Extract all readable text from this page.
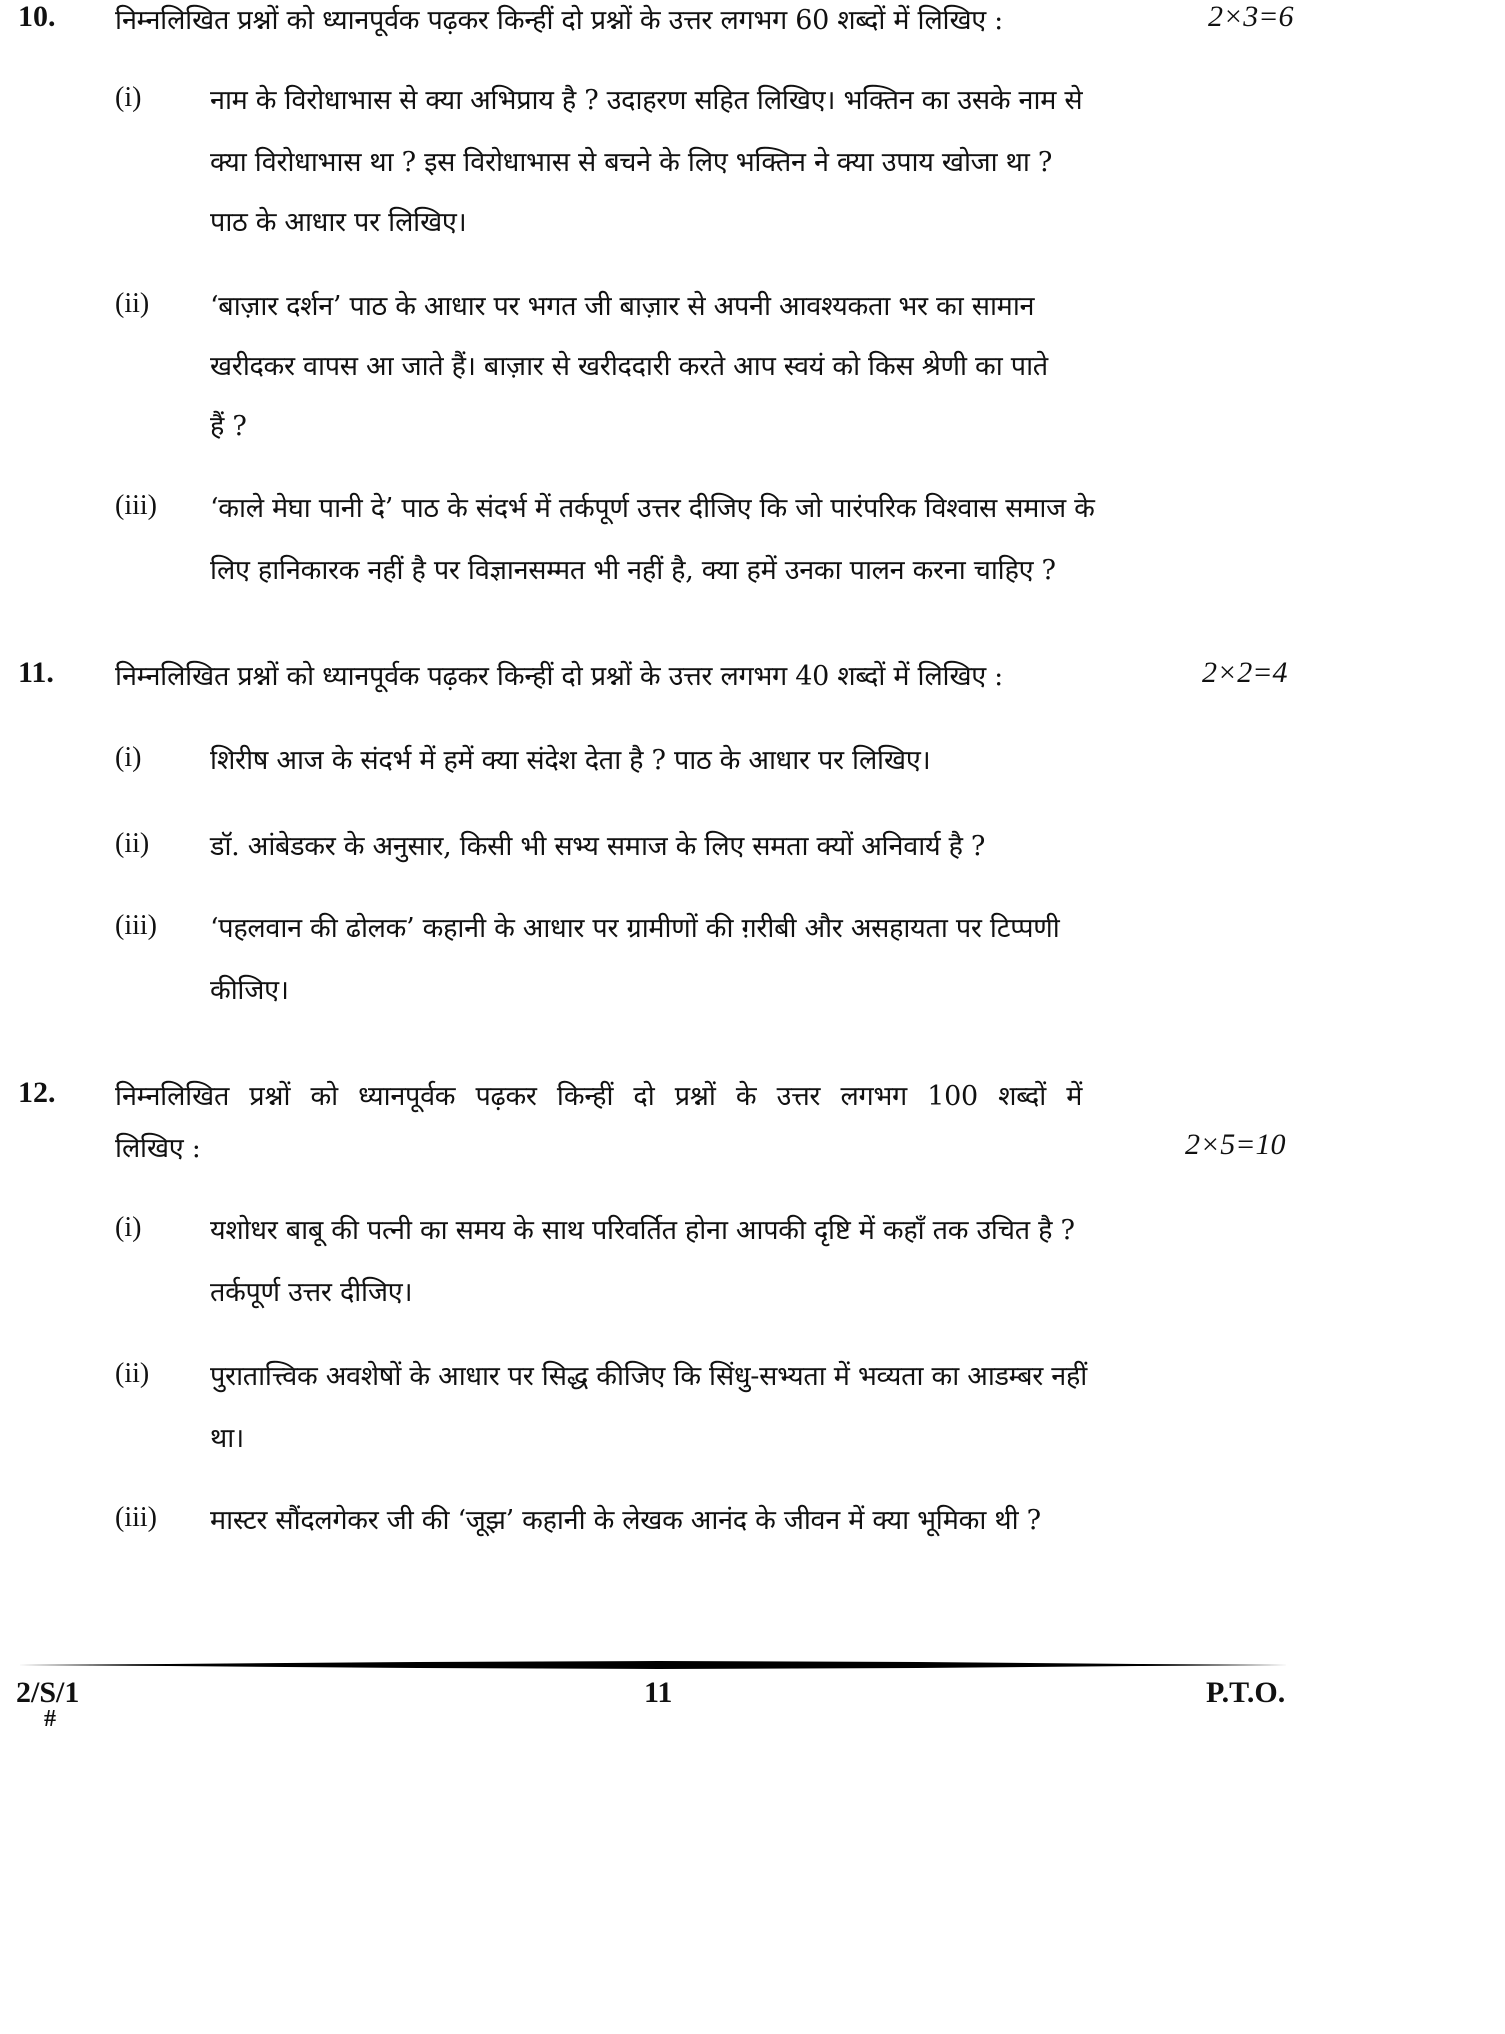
10. निम्नलिखित प्रश्नों को ध्यानपूर्वक पढ़कर किन्हीं दो प्रश्नों के उत्तर लगभग 60 शब्दों में लिखिए :	2×3=6
(i)	नाम के विरोधाभास से क्या अभिप्राय है ? उदाहरण सहित लिखिए। भक्तिन का उसके नाम से
क्या विरोधाभास था ? इस विरोधाभास से बचने के लिए भक्तिन ने क्या उपाय खोजा था ?
पाठ के आधार पर लिखिए।
(ii) ‘बाज़ार दर्शन’ पाठ के आधार पर भगत जी बाज़ार से अपनी आवश्यकता भर का सामान
खरीदकर वापस आ जाते हैं। बाज़ार से खरीददारी करते आप स्वयं को किस श्रेणी का पाते
हैं ?
(iii) ‘काले मेघा पानी दे’ पाठ के संदर्भ में तर्कपूर्ण उत्तर दीजिए कि जो पारंपरिक विश्वास समाज के
लिए हानिकारक नहीं है पर विज्ञानसम्मत भी नहीं है, क्या हमें उनका पालन करना चाहिए ?
11. निम्नलिखित प्रश्नों को ध्यानपूर्वक पढ़कर किन्हीं दो प्रश्नों के उत्तर लगभग 40 शब्दों में लिखिए :	2×2=4
(i)	शिरीष आज के संदर्भ में हमें क्या संदेश देता है ? पाठ के आधार पर लिखिए।
(ii) डॉ. आंबेडकर के अनुसार, किसी भी सभ्य समाज के लिए समता क्यों अनिवार्य है ?
(iii) ‘पहलवान की ढोलक’ कहानी के आधार पर ग्रामीणों की ग़रीबी और असहायता पर टिप्पणी
कीजिए।
12. निम्नलिखित प्रश्नों को ध्यानपूर्वक पढ़कर किन्हीं दो प्रश्नों के उत्तर लगभग 100 शब्दों में
लिखिए :	2×5=10
(i)	यशोधर बाबू की पत्नी का समय के साथ परिवर्तित होना आपकी दृष्टि में कहाँ तक उचित है ?
तर्कपूर्ण उत्तर दीजिए।
(ii) पुरातात्त्विक अवशेषों के आधार पर सिद्ध कीजिए कि सिंधु-सभ्यता में भव्यता का आडम्बर नहीं
था।
(iii) मास्टर सौंदलगेकर जी की ‘जूझ’ कहानी के लेखक आनंद के जीवन में क्या भूमिका थी ?
2/S/1
#
11	P.T.O.
